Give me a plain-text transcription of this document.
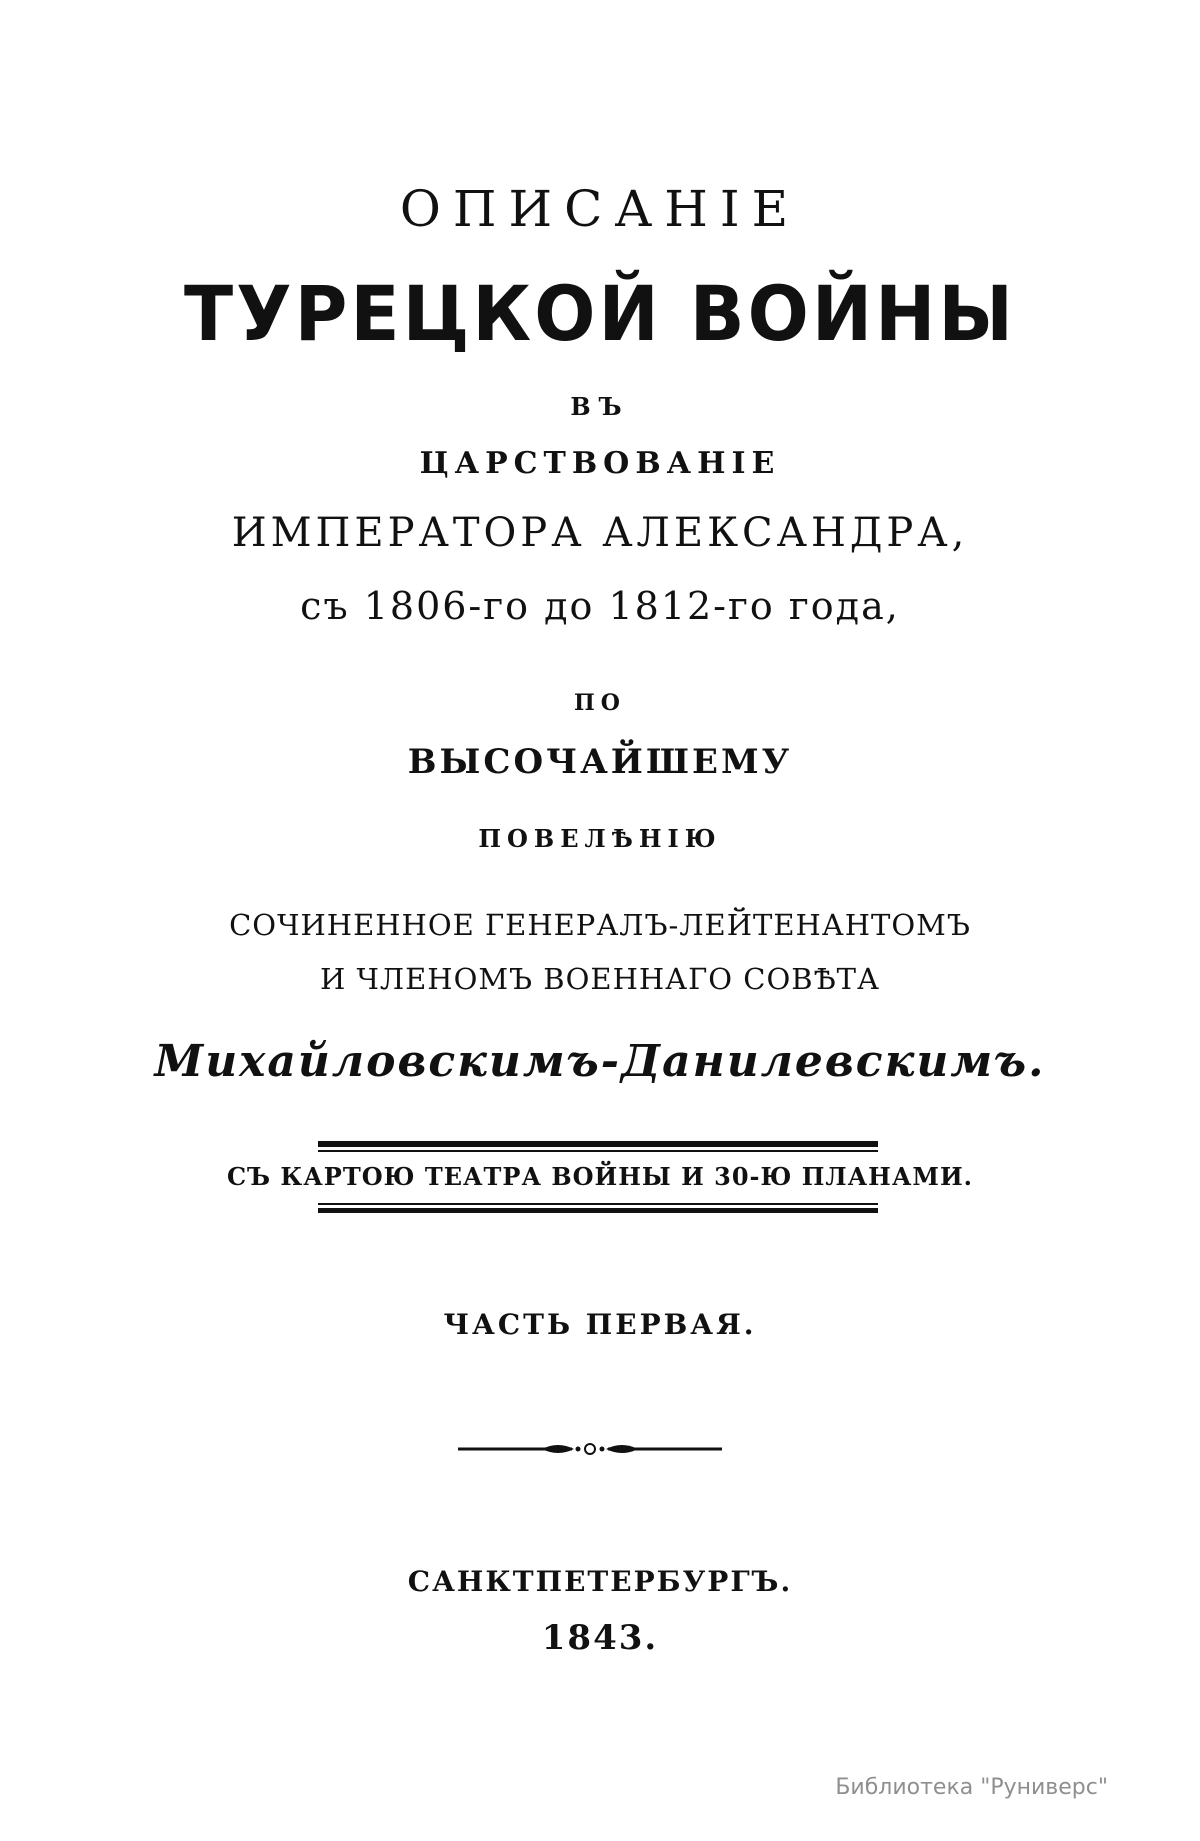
ОПИСАНІЕ
ТУРЕЦКОЙ ВОЙНЫ
ВЪ
ЦАРСТВОВАНІЕ
ИМПЕРАТОРА АЛЕКСАНДРА,
съ 1806-го до 1812-го года,
ПО
ВЫСОЧАЙШЕМУ
ПОВЕЛѢНІЮ
СОЧИНЕННОЕ ГЕНЕРАЛЪ-ЛЕЙТЕНАНТОМЪ
И ЧЛЕНОМЪ ВОЕННАГО СОВѢТА
Михайловскимъ-Данилевскимъ.
СЪ КАРТОЮ ТЕАТРА ВОЙНЫ И 30-Ю ПЛАНАМИ.
ЧАСТЬ ПЕРВАЯ.
САНКТПЕТЕРБУРГЪ.
1843.
Библиотека "Руниверс"
